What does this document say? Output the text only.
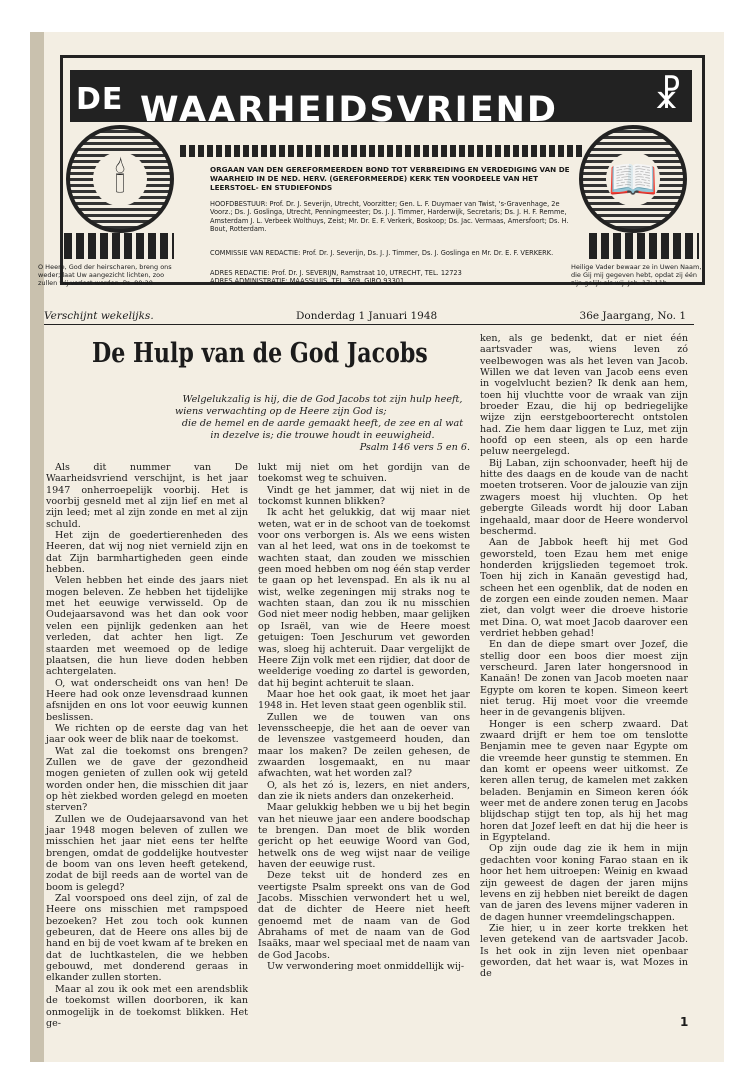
DE WAARHEIDSVRIEND	☧
🕯	📖
ORGAAN VAN DEN GEREFORMEERDEN BOND TOT VERBREIDING EN VERDEDIGING VAN DE WAARHEID IN DE NED. HERV. (GEREFORMEERDE) KERK TEN VOORDEELE VAN HET LEERSTOEL- EN STUDIEFONDS
HOOFDBESTUUR: Prof. Dr. J. Severijn, Utrecht, Voorzitter; Gen. L. F. Duymaer van Twist, 's-Gravenhage, 2e Voorz.; Ds. J. Goslinga, Utrecht, Penningmeester; Ds. J. J. Timmer, Harderwijk, Secretaris; Ds. J. H. F. Remme, Amsterdam J. L. Verbeek Wolthuys, Zeist; Mr. Dr. E. F. Verkerk, Boskoop; Ds. Jac. Vermaas, Amersfoort; Ds. H. Bout, Rotterdam.
COMMISSIE VAN REDACTIE: Prof. Dr. J. Severijn, Ds. J. J. Timmer, Ds. J. Goslinga en Mr. Dr. E. F. VERKERK.
ADRES REDACTIE: Prof. Dr. J. SEVERIJN, Ramstraat 10, UTRECHT, TEL. 12723
ADRES ADMINISTRATIE: MAASSLUIS, TEL. 369, GIRO 93301.
O Heere, God der heirscharen, breng ons weder; laat Uw aangezicht lichten, zoo zullen wij verlost worden. Ps. 80:20
Heilige Vader bewaar ze in Uwen Naam, die Gij mij gegeven hebt, opdat zij één zijn gelijk als wij. Joh. 17: 11b.
Verschijnt wekelijks.	Donderdag 1 Januari 1948	36e Jaargang, No. 1
De Hulp van de God Jacobs
Welgelukzalig is hij, die de God Jacobs tot zijn hulp heeft,
wiens verwachting op de Heere zijn God is;
die de hemel en de aarde gemaakt heeft, de zee en al wat
in dezelve is; die trouwe houdt in eeuwigheid.
Psalm 146 vers 5 en 6.

Als dit nummer van De Waarheidsvriend verschijnt, is het jaar 1947 onherroepelijk voorbij. Het is voorbij gesneld met al zijn lief en met al zijn leed; met al zijn zonde en met al zijn schuld.

Het zijn de goedertierenheden des Heeren, dat wij nog niet vernield zijn en dat Zijn barmhartigheden geen einde hebben.

Velen hebben het einde des jaars niet mogen beleven. Ze hebben het tijdelijke met het eeuwige verwisseld. Op de Oudejaarsavond was het dan ook voor velen een pijnlijk gedenken aan het verleden, dat achter hen ligt. Ze staarden met weemoed op de ledige plaatsen, die hun lieve doden hebben achtergelaten.

O, wat onderscheidt ons van hen! De Heere had ook onze levensdraad kunnen afsnijden en ons lot voor eeuwig kunnen beslissen.

We richten op de eerste dag van het jaar ook weer de blik naar de toekomst.

Wat zal die toekomst ons brengen? Zullen we de gave der gezondheid mogen genieten of zullen ook wij geteld worden onder hen, die misschien dit jaar op hèt ziekbed worden gelegd en moeten sterven?

Zullen we de Oudejaarsavond van het jaar 1948 mogen beleven of zullen we misschien het jaar niet eens ter helfte brengen, omdat de goddelijke houtvester de boom van ons leven heeft getekend, zodat de bijl reeds aan de wortel van de boom is gelegd?

Zal voorspoed ons deel zijn, of zal de Heere ons misschien met rampspoed bezoeken? Het zou toch ook kunnen gebeuren, dat de Heere ons alles bij de hand en bij de voet kwam af te breken en dat de luchtkastelen, die we hebben gebouwd, met donderend geraas in elkander zullen storten.

Maar al zou ik ook met een arendsblik de toekomst willen doorboren, ik kan onmogelijk in de toekomst blikken. Het ge-

lukt mij niet om het gordijn van de toekomst weg te schuiven.

Vindt ge het jammer, dat wij niet in de tockomst kunnen blikken?

Ik acht het gelukkig, dat wij maar niet weten, wat er in de schoot van de toekomst voor ons verborgen is. Als we eens wisten van al het leed, wat ons in de toekomst te wachten staat, dan zouden we misschien geen moed hebben om nog één stap verder te gaan op het levenspad. En als ik nu al wist, welke zegeningen mij straks nog te wachten staan, dan zou ik nu misschien God niet meer nodig hebben, maar gelijken op Israël, van wie de Heere moest getuigen: Toen Jeschurum vet geworden was, sloeg hij achteruit. Daar vergelijkt de Heere Zijn volk met een rijdier, dat door de weelderige voeding zo dartel is geworden, dat hij begint achteruit te slaan.

Maar hoe het ook gaat, ik moet het jaar 1948 in. Het leven staat geen ogenblik stil.

Zullen we de touwen van ons levensscheepje, die het aan de oever van de levenszee vastgemeerd houden, dan maar los maken? De zeilen gehesen, de zwaarden losgemaakt, en nu maar afwachten, wat het worden zal?

O, als het zó is, lezers, en niet anders, dan zie ik niets anders dan onzekerheid.

Maar gelukkig hebben we u bij het begin van het nieuwe jaar een andere boodschap te brengen. Dan moet de blik worden gericht op het eeuwige Woord van God, hetwelk ons de weg wijst naar de veilige haven der eeuwige rust.

Deze tekst uit de honderd zes en veertigste Psalm spreekt ons van de God Jacobs. Misschien verwondert het u wel, dat de dichter de Heere niet heeft genoemd met de naam van de God Abrahams of met de naam van de God Isaäks, maar wel speciaal met de naam van de God Jacobs.

Uw verwondering moet onmiddellijk wij-

ken, als ge bedenkt, dat er niet één aartsvader was, wiens leven zó veelbewogen was als het leven van Jacob. Willen we dat leven van Jacob eens even in vogelvlucht bezien? Ik denk aan hem, toen hij vluchtte voor de wraak van zijn broeder Ezau, die hij op bedriegelijke wijze zijn eerstgeboorterecht ontstolen had. Zie hem daar liggen te Luz, met zijn hoofd op een steen, als op een harde peluw neergelegd.

Bij Laban, zijn schoonvader, heeft hij de hitte des daags en de koude van de nacht moeten trotseren. Voor de jalouzie van zijn zwagers moest hij vluchten. Op het gebergte Gileads wordt hij door Laban ingehaald, maar door de Heere wondervol beschermd.

Aan de Jabbok heeft hij met God geworsteld, toen Ezau hem met enige honderden krijgslieden tegemoet trok. Toen hij zich in Kanaän gevestigd had, scheen het een ogenblik, dat de noden en de zorgen een einde zouden nemen. Maar ziet, dan volgt weer die droeve historie met Dina. O, wat moet Jacob daarover een verdriet hebben gehad!

En dan de diepe smart over Jozef, die stellig door een boos dier moest zijn verscheurd. Jaren later hongersnood in Kanaän! De zonen van Jacob moeten naar Egypte om koren te kopen. Simeon keert niet terug. Hij moet voor die vreemde heer in de gevangenis blijven.

Honger is een scherp zwaard. Dat zwaard drijft er hem toe om tenslotte Benjamin mee te geven naar Egypte om die vreemde heer gunstig te stemmen. En dan komt er opeens weer uitkomst. Ze keren allen terug, de kamelen met zakken beladen. Benjamin en Simeon keren óók weer met de andere zonen terug en Jacobs blijdschap stijgt ten top, als hij het mag horen dat Jozef leeft en dat hij die heer is in Egypteland.

Op zijn oude dag zie ik hem in mijn gedachten voor koning Farao staan en ik hoor het hem uitroepen: Weinig en kwaad zijn geweest de dagen der jaren mijns levens en zij hebben niet bereikt de dagen van de jaren des levens mijner vaderen in de dagen hunner vreemdelingschappen.

Zie hier, u in zeer korte trekken het leven getekend van de aartsvader Jacob. Is het ook in zijn leven niet openbaar geworden, dat het waar is, wat Mozes in de

1
